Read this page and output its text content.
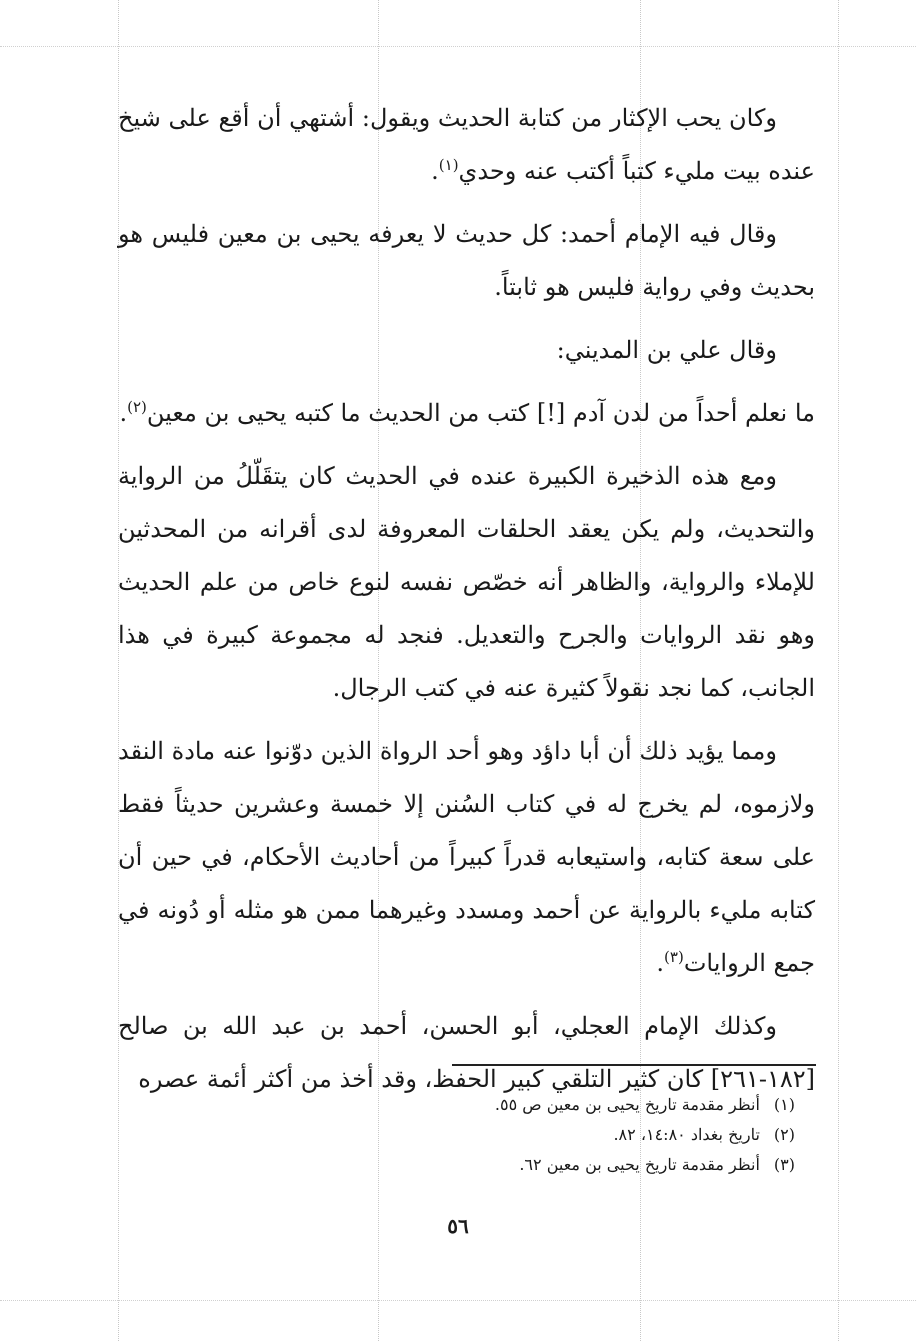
وكان يحب الإكثار من كتابة الحديث ويقول: أشتهي أن أقع على شيخ عنده بيت مليء كتباً أكتب عنه وحدي$^{(١)}$.

وقال فيه الإمام أحمد: كل حديث لا يعرفه يحيى بن معين فليس هو بحديث وفي رواية فليس هو ثابتاً.

وقال علي بن المديني:

ما نعلم أحداً من لدن آدم [!] كتب من الحديث ما كتبه يحيى بن معين$^{(٢)}$.

ومع هذه الذخيرة الكبيرة عنده في الحديث كان يتقَلّلُ من الرواية والتحديث، ولم يكن يعقد الحلقات المعروفة لدى أقرانه من المحدثين للإملاء والرواية، والظاهر أنه خصّص نفسه لنوع خاص من علم الحديث وهو نقد الروايات والجرح والتعديل. فنجد له مجموعة كبيرة في هذا الجانب، كما نجد نقولاً كثيرة عنه في كتب الرجال.

ومما يؤيد ذلك أن أبا داؤد وهو أحد الرواة الذين دوّنوا عنه مادة النقد ولازموه، لم يخرج له في كتاب السُنن إلا خمسة وعشرين حديثاً فقط على سعة كتابه، واستيعابه قدراً كبيراً من أحاديث الأحكام، في حين أن كتابه مليء بالرواية عن أحمد ومسدد وغيرهما ممن هو مثله أو دُونه في جمع الروايات$^{(٣)}$.

وكذلك الإمام العجلي، أبو الحسن، أحمد بن عبد الله بن صالح [١٨٢-٢٦١] كان كثير التلقي كبير الحفظ، وقد أخذ من أكثر أئمة عصره

(١)أنظر مقدمة تاريخ يحيى بن معين ص ٥٥.

(٢)تاريخ بغداد ١٤:٨٠، ٨٢.

(٣)أنظر مقدمة تاريخ يحيى بن معين ٦٢.

٥٦
